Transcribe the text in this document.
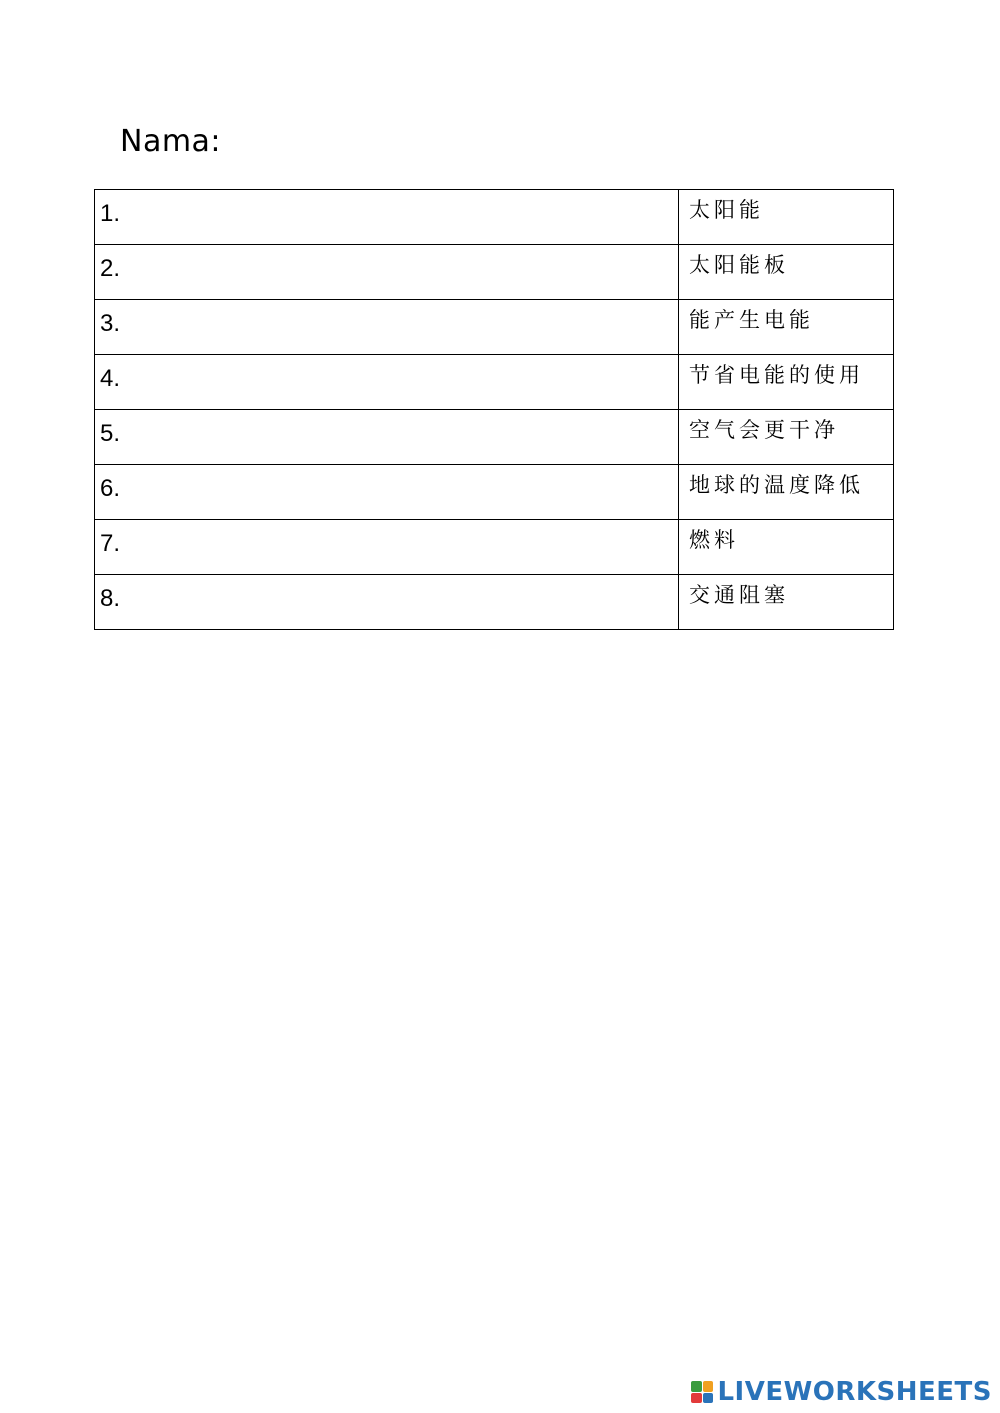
Nama:
1.	太阳能

2.	太阳能板

3.	能产生电能

4.	节省电能的使用

5.	空气会更干净

6.	地球的温度降低

7.	燃料

8.	交通阻塞
LIVEWORKSHEETS
